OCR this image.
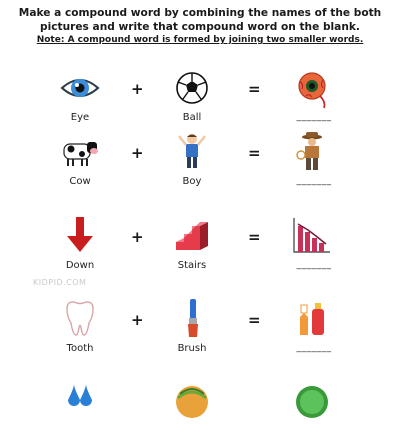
Make a compound word by combining the names of the both pictures and write that compound word on the blank.
Note: A compound word is formed by joining two smaller words.
+	=
Eye	Ball	_______
+	=
Cow	Boy	_______
+	=
Down	Stairs	_______
KIDPID.COM
+	=
Tooth	Brush	_______
